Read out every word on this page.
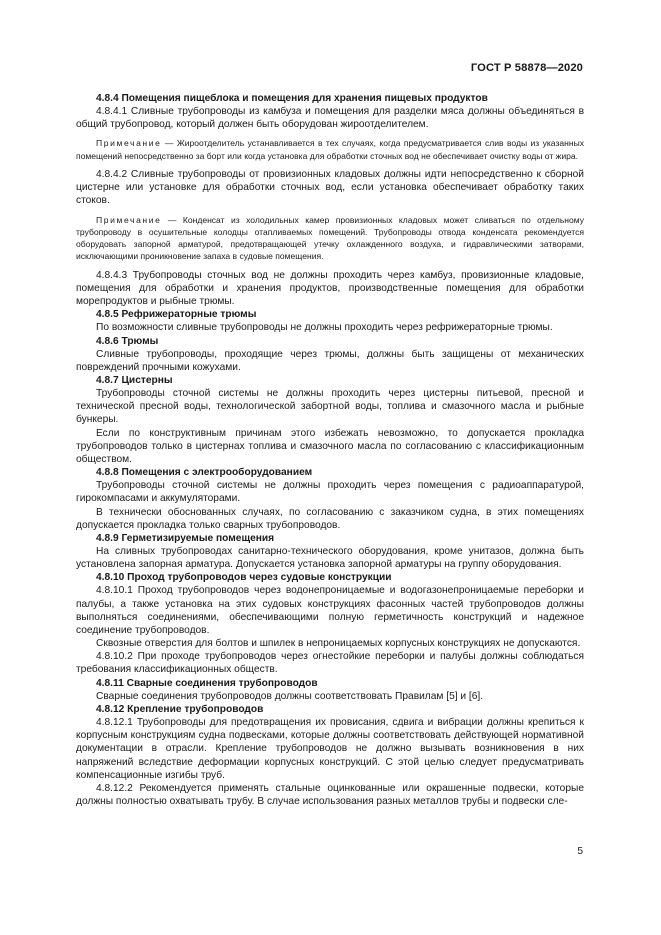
ГОСТ Р 58878—2020

4.8.4 Помещения пищеблока и помещения для хранения пищевых продуктов

4.8.4.1 Сливные трубопроводы из камбуза и помещения для разделки мяса должны объединяться в общий трубопровод, который должен быть оборудован жироотделителем.

Примечание — Жироотделитель устанавливается в тех случаях, когда предусматривается слив воды из указанных помещений непосредственно за борт или когда установка для обработки сточных вод не обеспечивает очистку воды от жира.

4.8.4.2 Сливные трубопроводы от провизионных кладовых должны идти непосредственно к сборной цистерне или установке для обработки сточных вод, если установка обеспечивает обработку таких стоков.

Примечание — Конденсат из холодильных камер провизионных кладовых может сливаться по отдельному трубопроводу в осушительные колодцы отапливаемых помещений. Трубопроводы отвода конденсата рекомендуется оборудовать запорной арматурой, предотвращающей утечку охлажденного воздуха, и гидравлическими затворами, исключающими проникновение запаха в судовые помещения.

4.8.4.3 Трубопроводы сточных вод не должны проходить через камбуз, провизионные кладовые, помещения для обработки и хранения продуктов, производственные помещения для обработки морепродуктов и рыбные трюмы.

4.8.5 Рефрижераторные трюмы

По возможности сливные трубопроводы не должны проходить через рефрижераторные трюмы.

4.8.6 Трюмы

Сливные трубопроводы, проходящие через трюмы, должны быть защищены от механических повреждений прочными кожухами.

4.8.7 Цистерны

Трубопроводы сточной системы не должны проходить через цистерны питьевой, пресной и технической пресной воды, технологической забортной воды, топлива и смазочного масла и рыбные бункеры.

Если по конструктивным причинам этого избежать невозможно, то допускается прокладка трубопроводов только в цистернах топлива и смазочного масла по согласованию с классификационным обществом.

4.8.8 Помещения с электрооборудованием

Трубопроводы сточной системы не должны проходить через помещения с радиоаппаратурой, гирокомпасами и аккумуляторами.

В технически обоснованных случаях, по согласованию с заказчиком судна, в этих помещениях допускается прокладка только сварных трубопроводов.

4.8.9 Герметизируемые помещения

На сливных трубопроводах санитарно-технического оборудования, кроме унитазов, должна быть установлена запорная арматура. Допускается установка запорной арматуры на группу оборудования.

4.8.10 Проход трубопроводов через судовые конструкции

4.8.10.1 Проход трубопроводов через водонепроницаемые и водогазонепроницаемые переборки и палубы, а также установка на этих судовых конструкциях фасонных частей трубопроводов должны выполняться соединениями, обеспечивающими полную герметичность конструкций и надежное соединение трубопроводов.

Сквозные отверстия для болтов и шпилек в непроницаемых корпусных конструкциях не допускаются.

4.8.10.2 При проходе трубопроводов через огнестойкие переборки и палубы должны соблюдаться требования классификационных обществ.

4.8.11 Сварные соединения трубопроводов

Сварные соединения трубопроводов должны соответствовать Правилам [5] и [6].

4.8.12 Крепление трубопроводов

4.8.12.1 Трубопроводы для предотвращения их провисания, сдвига и вибрации должны крепиться к корпусным конструкциям судна подвесками, которые должны соответствовать действующей нормативной документации в отрасли. Крепление трубопроводов не должно вызывать возникновения в них напряжений вследствие деформации корпусных конструкций. С этой целью следует предусматривать компенсационные изгибы труб.

4.8.12.2 Рекомендуется применять стальные оцинкованные или окрашенные подвески, которые должны полностью охватывать трубу. В случае использования разных металлов трубы и подвески сле-

5
